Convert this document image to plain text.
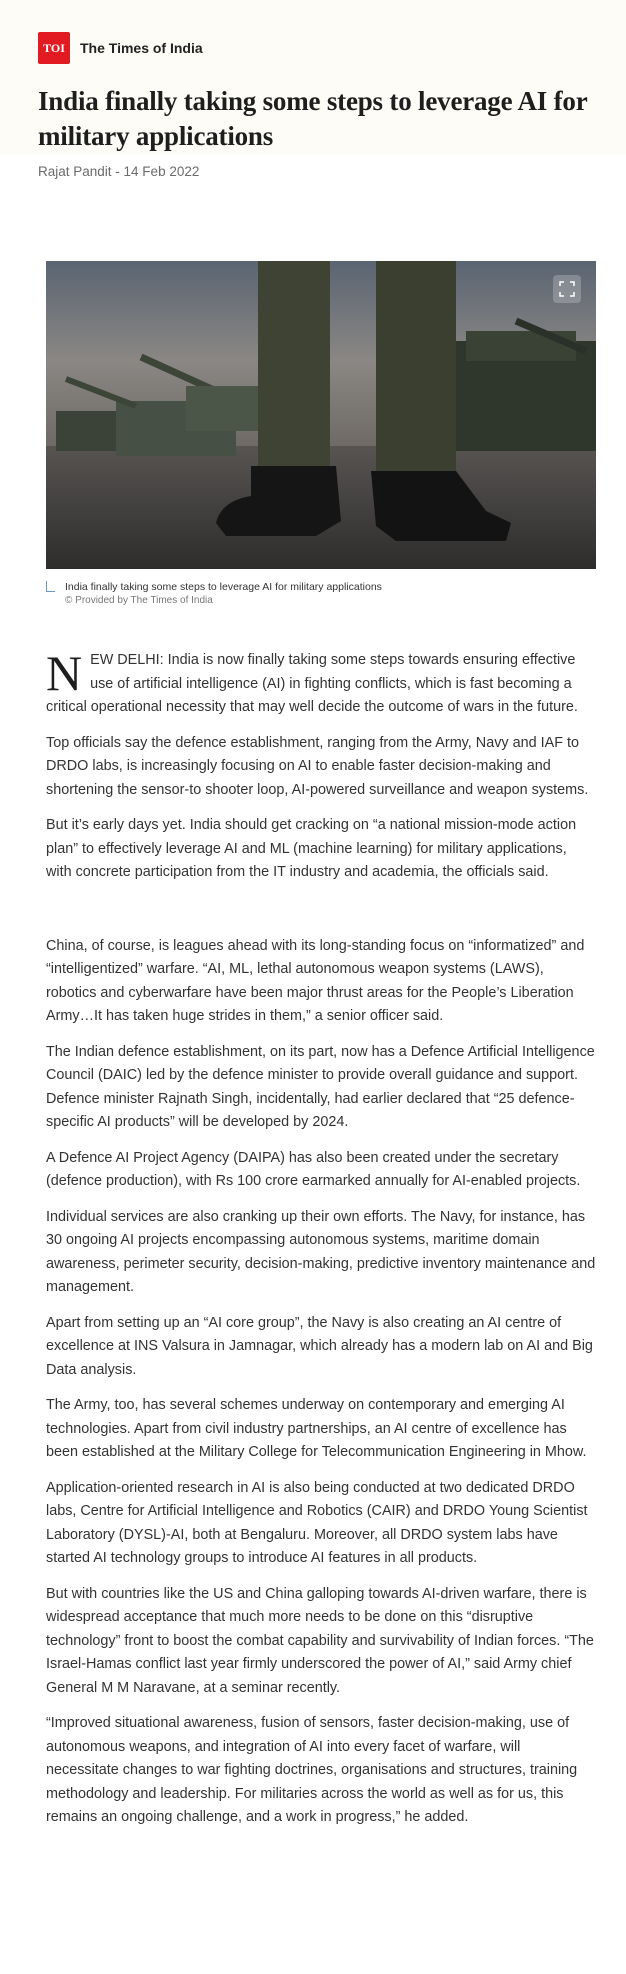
TOI	The Times of India
India finally taking some steps to leverage AI for military applications
Rajat Pandit - 14 Feb 2022
India finally taking some steps to leverage AI for military applications
© Provided by The Times of India

N EW DELHI: India is now finally taking some steps towards ensuring effective use of artificial intelligence (AI) in fighting conflicts, which is fast becoming a critical operational necessity that may well decide the outcome of wars in the future.

Top officials say the defence establishment, ranging from the Army, Navy and IAF to DRDO labs, is increasingly focusing on AI to enable faster decision-making and shortening the sensor-to shooter loop, AI-powered surveillance and weapon systems.

But it’s early days yet. India should get cracking on “a national mission-mode action plan” to effectively leverage AI and ML (machine learning) for military applications, with concrete participation from the IT industry and academia, the officials said.

China, of course, is leagues ahead with its long-standing focus on “informatized” and “intelligentized” warfare. “AI, ML, lethal autonomous weapon systems (LAWS), robotics and cyberwarfare have been major thrust areas for the People’s Liberation Army…It has taken huge strides in them,” a senior officer said.

The Indian defence establishment, on its part, now has a Defence Artificial Intelligence Council (DAIC) led by the defence minister to provide overall guidance and support. Defence minister Rajnath Singh, incidentally, had earlier declared that “25 defence-specific AI products” will be developed by 2024.

A Defence AI Project Agency (DAIPA) has also been created under the secretary (defence production), with Rs 100 crore earmarked annually for AI-enabled projects.

Individual services are also cranking up their own efforts. The Navy, for instance, has 30 ongoing AI projects encompassing autonomous systems, maritime domain awareness, perimeter security, decision-making, predictive inventory maintenance and management.

Apart from setting up an “AI core group”, the Navy is also creating an AI centre of excellence at INS Valsura in Jamnagar, which already has a modern lab on AI and Big Data analysis.

The Army, too, has several schemes underway on contemporary and emerging AI technologies. Apart from civil industry partnerships, an AI centre of excellence has been established at the Military College for Telecommunication Engineering in Mhow.

Application-oriented research in AI is also being conducted at two dedicated DRDO labs, Centre for Artificial Intelligence and Robotics (CAIR) and DRDO Young Scientist Laboratory (DYSL)-AI, both at Bengaluru. Moreover, all DRDO system labs have started AI technology groups to introduce AI features in all products.

But with countries like the US and China galloping towards AI-driven warfare, there is widespread acceptance that much more needs to be done on this “disruptive technology” front to boost the combat capability and survivability of Indian forces. “The Israel-Hamas conflict last year firmly underscored the power of AI,” said Army chief General M M Naravane, at a seminar recently.

“Improved situational awareness, fusion of sensors, faster decision-making, use of autonomous weapons, and integration of AI into every facet of warfare, will necessitate changes to war fighting doctrines, organisations and structures, training methodology and leadership. For militaries across the world as well as for us, this remains an ongoing challenge, and a work in progress,” he added.
